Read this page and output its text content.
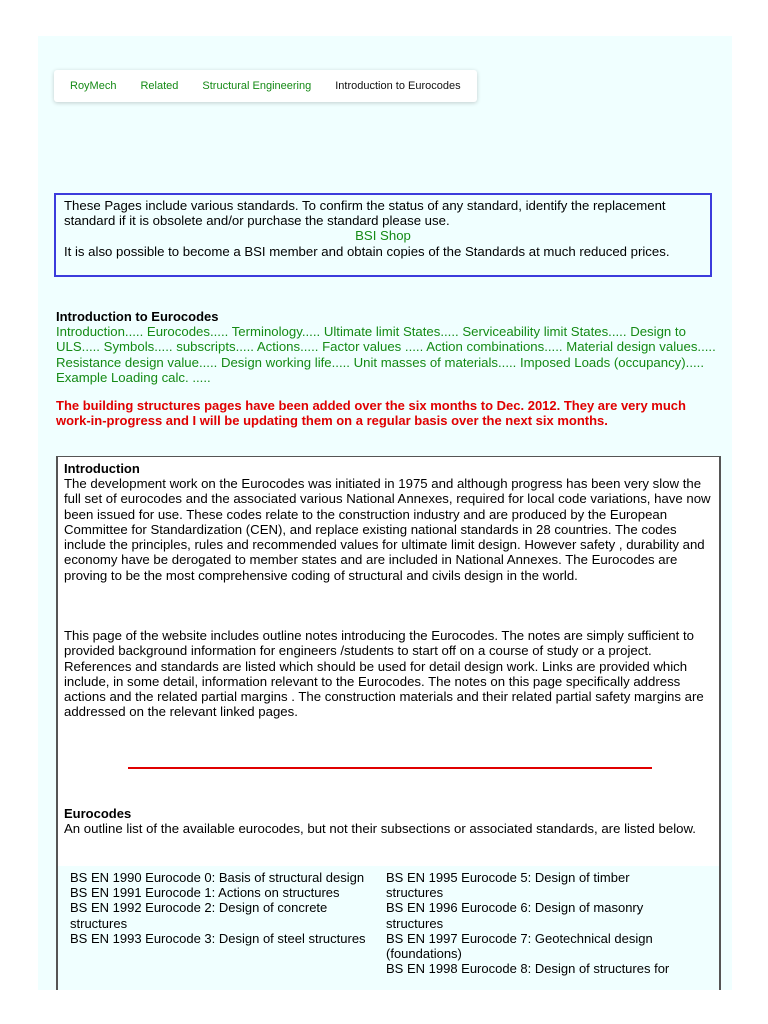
RoyMech	Related	Structural Engineering	Introduction to Eurocodes
These Pages include various standards. To confirm the status of any standard, identify the replacement standard if it is obsolete and/or purchase the standard please use.
BSI Shop
It is also possible to become a BSI member and obtain copies of the Standards at much reduced prices.
Introduction to Eurocodes
Introduction..... Eurocodes..... Terminology..... Ultimate limit States..... Serviceability limit States..... Design to ULS..... Symbols..... subscripts..... Actions..... Factor values ..... Action combinations..... Material design values..... Resistance design value..... Design working life..... Unit masses of materials..... Imposed Loads (occupancy)..... Example Loading calc. .....
The building structures pages have been added over the six months to Dec. 2012. They are very much work-in-progress and I will be updating them on a regular basis over the next six months.
Introduction
The development work on the Eurocodes was initiated in 1975 and although progress has been very slow the full set of eurocodes and the associated various National Annexes, required for local code variations, have now been issued for use. These codes relate to the construction industry and are produced by the European Committee for Standardization (CEN), and replace existing national standards in 28 countries. The codes include the principles, rules and recommended values for ultimate limit design. However safety , durability and economy have be derogated to member states and are included in National Annexes. The Eurocodes are proving to be the most comprehensive coding of structural and civils design in the world.
This page of the website includes outline notes introducing the Eurocodes. The notes are simply sufficient to provided background information for engineers /students to start off on a course of study or a project. References and standards are listed which should be used for detail design work. Links are provided which include, in some detail, information relevant to the Eurocodes. The notes on this page specifically address actions and the related partial margins . The construction materials and their related partial safety margins are addressed on the relevant linked pages.
Eurocodes
An outline list of the available eurocodes, but not their subsections or associated standards, are listed below.
BS EN 1990 Eurocode 0: Basis of structural design
BS EN 1991 Eurocode 1: Actions on structures
BS EN 1992 Eurocode 2: Design of concrete structures
BS EN 1993 Eurocode 3: Design of steel structures
BS EN 1995 Eurocode 5: Design of timber structures
BS EN 1996 Eurocode 6: Design of masonry structures
BS EN 1997 Eurocode 7: Geotechnical design (foundations)
BS EN 1998 Eurocode 8: Design of structures for
